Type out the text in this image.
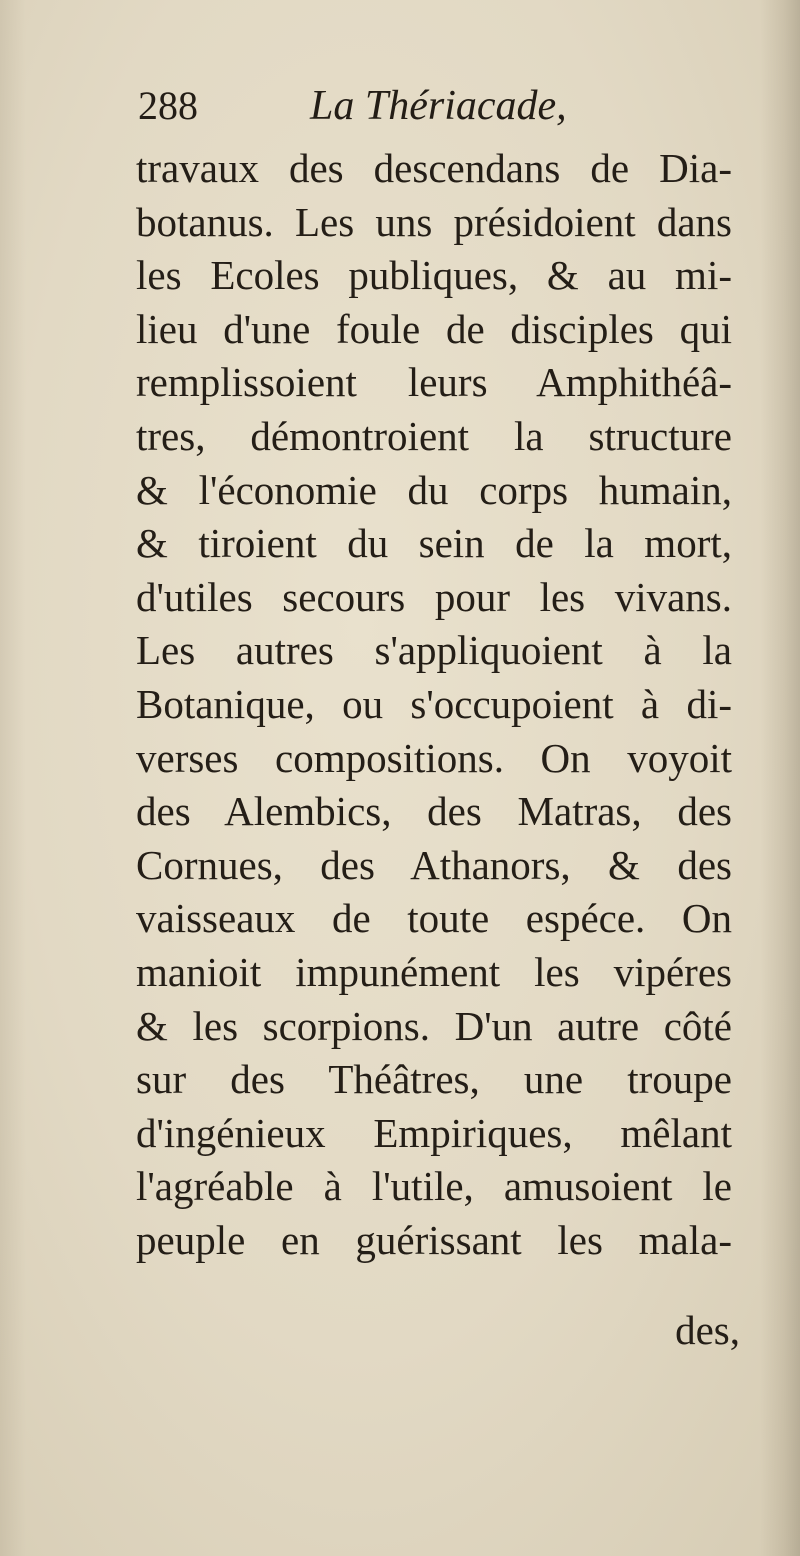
288	La Thériacade,
travaux des descendans de Dia-
botanus. Les uns présidoient dans
les Ecoles publiques, & au mi-
lieu d'une foule de disciples qui
remplissoient leurs Amphithéâ-
tres, démontroient la structure
& l'économie du corps humain,
& tiroient du sein de la mort,
d'utiles secours pour les vivans.
Les autres s'appliquoient à la
Botanique, ou s'occupoient à di-
verses compositions. On voyoit
des Alembics, des Matras, des
Cornues, des Athanors, & des
vaisseaux de toute espéce. On
manioit impunément les vipéres
& les scorpions. D'un autre côté
sur des Théâtres, une troupe
d'ingénieux Empiriques, mêlant
l'agréable à l'utile, amusoient le
peuple en guérissant les mala-
des,
